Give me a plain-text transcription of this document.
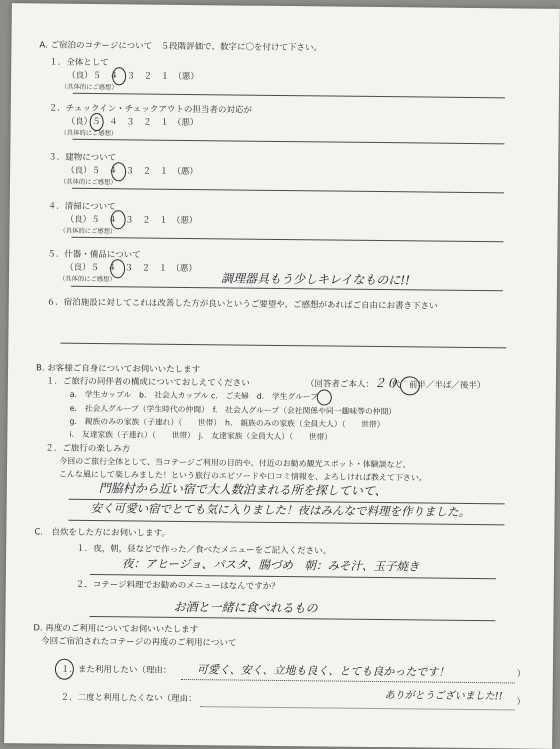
A. ご宿泊のコテージについて　５段階評価で、数字に〇を付けて下さい。
１．全体として
（良）５　４　３　２　１　（悪）
（具体的にご感想）
２．チェックイン・チェックアウトの担当者の対応が
（良）５　４　３　２　１　（悪）
（具体的にご感想）
３．建物について
（良）５　４　３　２　１　（悪）
（具体的にご感想）
４．清掃について
（良）５　４　３　２　１　（悪）
（具体的にご感想）
５．什器・備品について
（良）５　４　３　２　１　（悪）
（具体的にご感想）	調理器具もう少しキレイなものに!!
６．宿泊施設に対してこれは改善した方が良いというご要望や、ご感想があればご自由にお書き下さい
B. お客様ご自身についてお伺いいたします
１．ご旅行の同伴者の構成についておしえてください	（回答者ご本人： ２０
代　前半／半ば／後半）
a.　学生カップル　b.　社会人カップル c.　ご夫婦　d.　学生グループ
e.　社会人グループ（学生時代の仲間）　f.　社会人グループ（会社関係や同一趣味等の仲間）
g.　親族のみの家族（子連れ）（　　世帯）　h.　親族のみの家族（全員大人）（　　世帯）
i.　友達家族（子連れ）（　　世帯）　j.　友達家族（全員大人）（　　世帯）
２．ご旅行の楽しみ方
今回のご旅行全体として、当コテージご利用の目的や、付近のお勧め観光スポット・体験談など、
こんな風にして楽しみました！という旅行のエピソードや口コミ情報を、よろしければ教えて下さい。
門脇村から近い宿で大人数泊まれる所を探していて、
安く可愛い宿でとても気に入りました！夜はみんなで料理を作りました。
C.　自炊をした方にお伺いします。
１．夜，朝，昼などで作った／食べたメニューをご記入ください。
夜：アヒージョ、パスタ、腸づめ　朝：みそ汁、玉子焼き
２．コテージ料理でお勧めのメニューはなんですか？
お酒と一緒に食べれるもの
D. 再度のご利用についてお伺いいたします
今回ご宿泊されたコテージの再度のご利用について
１．また利用したい（理由： 可愛く、安く、立地も良く、とても良かったです！	）
２．二度と利用したくない（理由：	ありがとうございました!!
）
